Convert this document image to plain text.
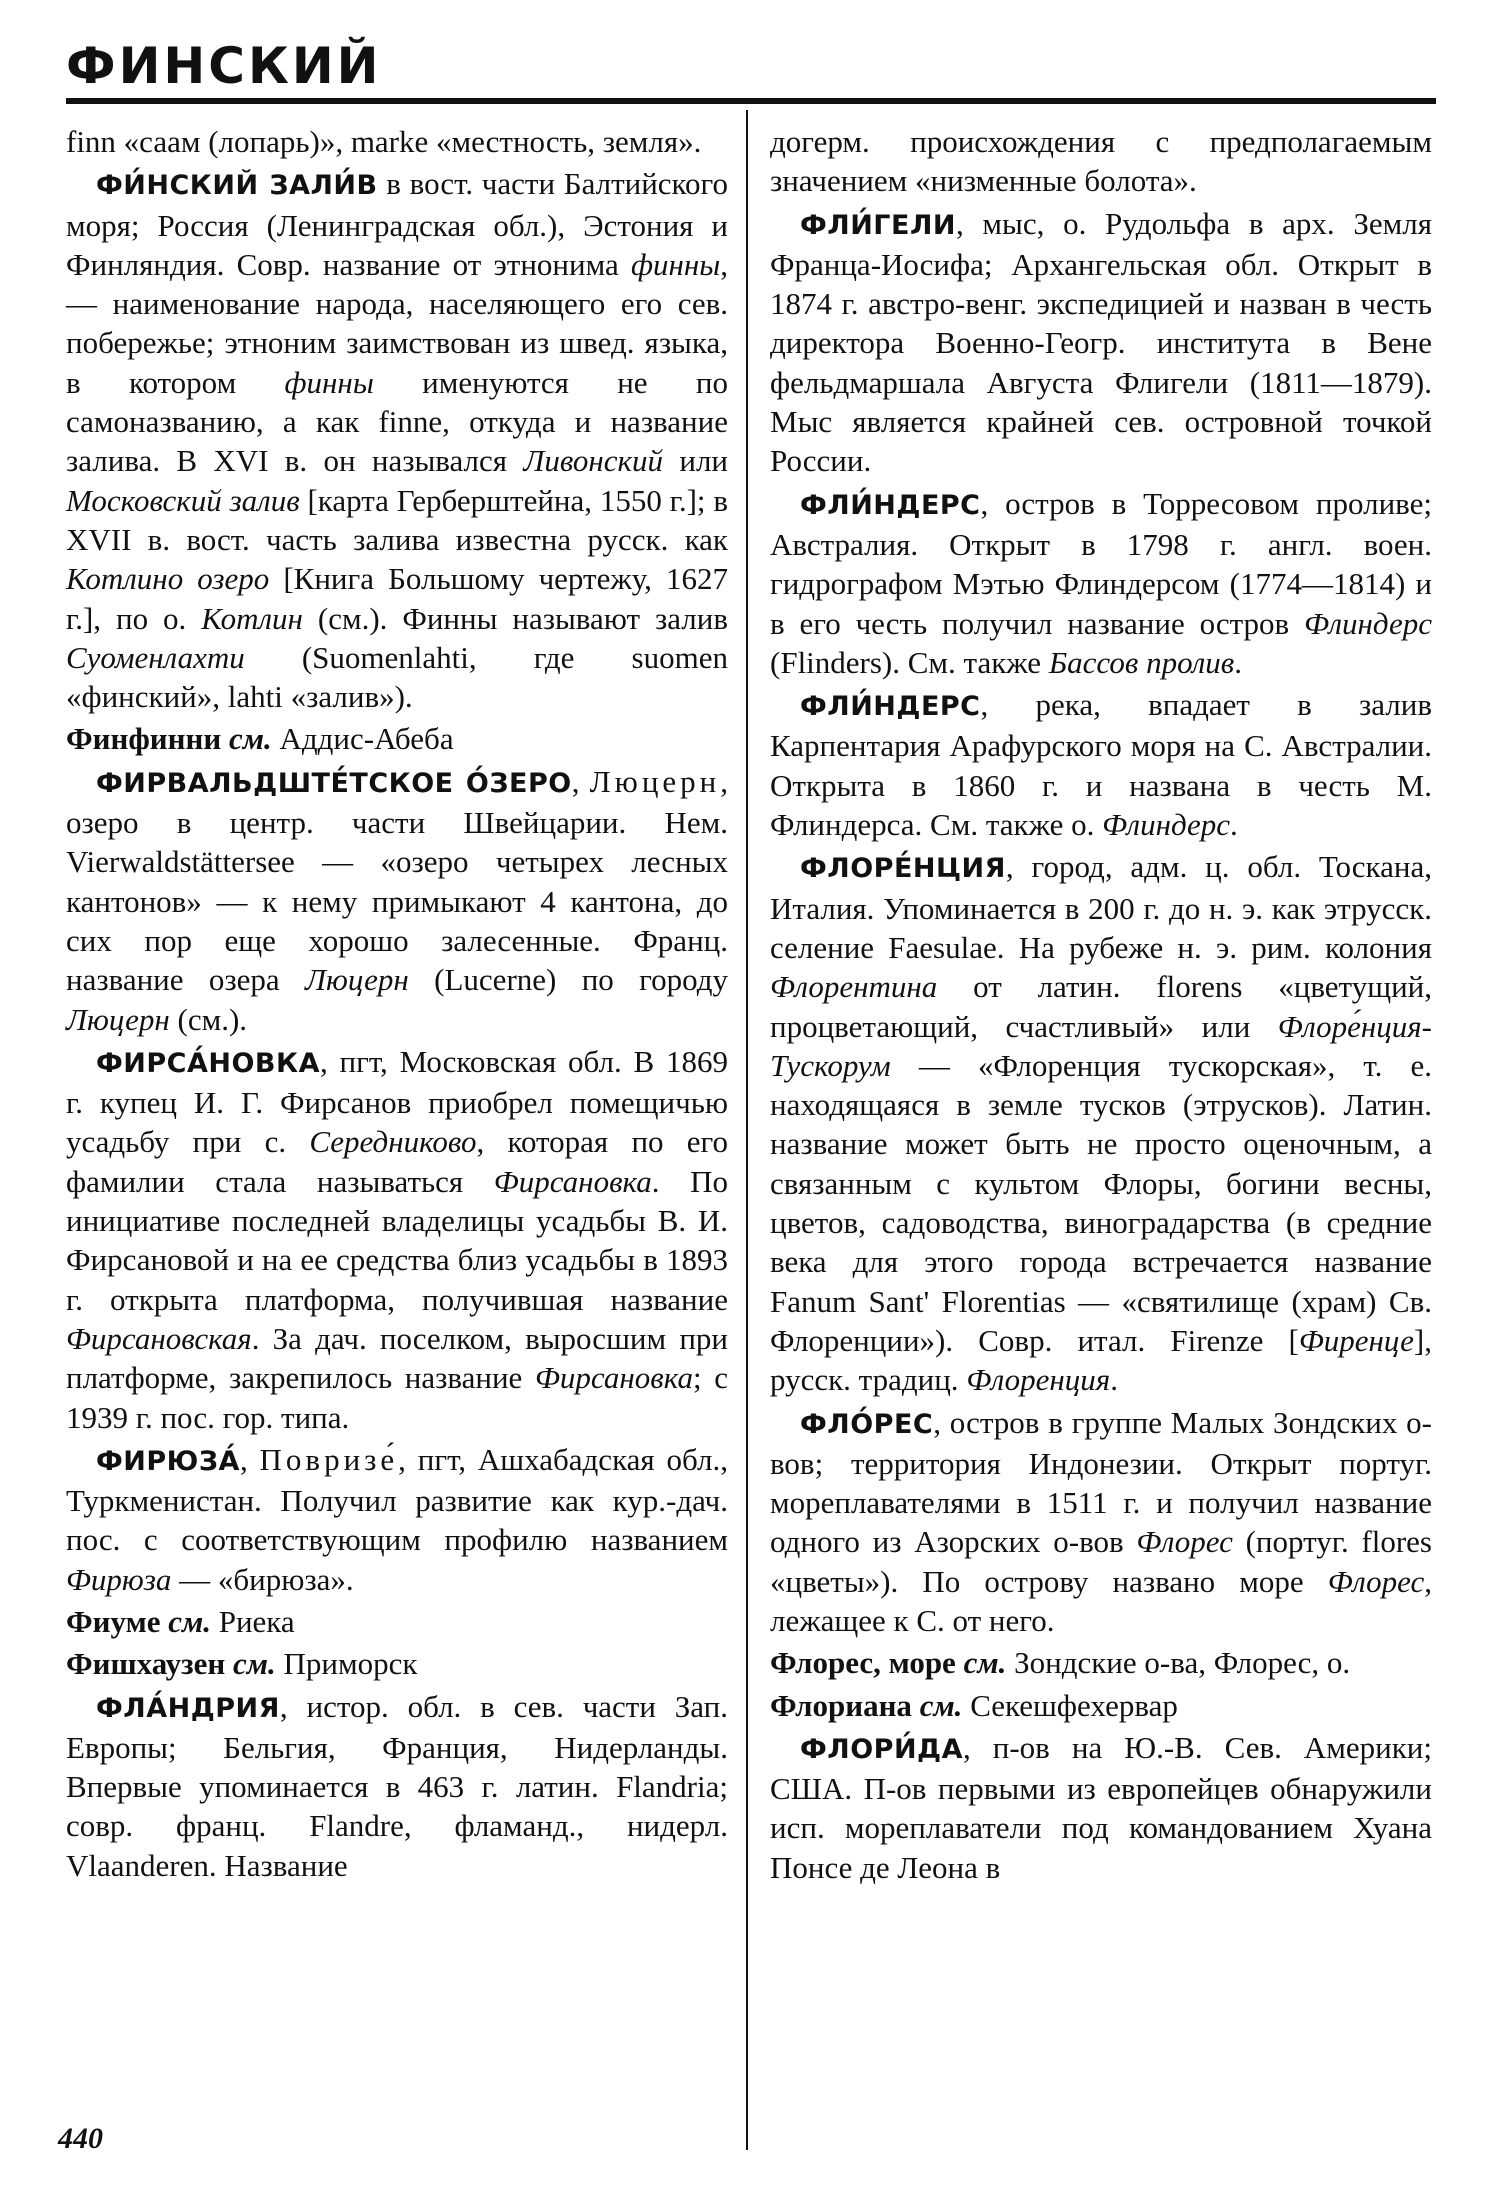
ФИНСКИЙ

finn «саам (лопарь)», marke «местность, земля».

ФИ́НСКИЙ ЗАЛИ́В в вост. части Балтийского моря; Россия (Ленинградская обл.), Эстония и Финляндия. Совр. название от этнонима финны, — наименование народа, населяющего его сев. побережье; этноним заимствован из швед. языка, в котором финны именуются не по самоназванию, а как finne, откуда и название залива. В XVI в. он назывался Ливонский или Московский залив [карта Герберштейна, 1550 г.]; в XVII в. вост. часть залива известна русск. как Котлино озеро [Книга Большому чертежу, 1627 г.], по о. Котлин (см.). Финны называют залив Суоменлахти (Suomenlahti, где suomen «финский», lahti «залив»).

Финфинни см. Аддис-Абеба

ФИРВАЛЬДШТЕ́ТСКОЕ О́ЗЕРО, Люцерн, озеро в центр. части Швейцарии. Нем. Vierwaldstättersee — «озеро четырех лесных кантонов» — к нему примыкают 4 кантона, до сих пор еще хорошо залесенные. Франц. название озера Люцерн (Lucerne) по городу Люцерн (см.).

ФИРСА́НОВКА, пгт, Московская обл. В 1869 г. купец И. Г. Фирсанов приобрел помещичью усадьбу при с. Середниково, которая по его фамилии стала называться Фирсановка. По инициативе последней владелицы усадьбы В. И. Фирсановой и на ее средства близ усадьбы в 1893 г. открыта платформа, получившая название Фирсановская. За дач. поселком, выросшим при платформе, закрепилось название Фирсановка; с 1939 г. пос. гор. типа.

ФИРЮЗА́, Повризе́, пгт, Ашхабадская обл., Туркменистан. Получил развитие как кур.-дач. пос. с соответствующим профилю названием Фирюза — «бирюза».

Фиуме см. Риека

Фишхаузен см. Приморск

ФЛА́НДРИЯ, истор. обл. в сев. части Зап. Европы; Бельгия, Франция, Нидерланды. Впервые упоминается в 463 г. латин. Flandria; совр. франц. Flandre, фламанд., нидерл. Vlaanderen. Название

догерм. происхождения с предполагаемым значением «низменные болота».

ФЛИ́ГЕЛИ, мыс, о. Рудольфа в арх. Земля Франца-Иосифа; Архангельская обл. Открыт в 1874 г. австро-венг. экспедицией и назван в честь директора Военно-Геогр. института в Вене фельдмаршала Августа Флигели (1811—1879). Мыс является крайней сев. островной точкой России.

ФЛИ́НДЕРС, остров в Торресовом проливе; Австралия. Открыт в 1798 г. англ. воен. гидрографом Мэтью Флиндерсом (1774—1814) и в его честь получил название остров Флиндерс (Flinders). См. также Бассов пролив.

ФЛИ́НДЕРС, река, впадает в залив Карпентария Арафурского моря на С. Австралии. Открыта в 1860 г. и названа в честь М. Флиндерса. См. также о. Флиндерс.

ФЛОРЕ́НЦИЯ, город, адм. ц. обл. Тоскана, Италия. Упоминается в 200 г. до н. э. как этрусск. селение Faesulae. На рубеже н. э. рим. колония Флорентина от латин. florens «цветущий, процветающий, счастливый» или Флоре́нция-Тускорум — «Флоренция тускорская», т. е. находящаяся в земле тусков (этрусков). Латин. название может быть не просто оценочным, а связанным с культом Флоры, богини весны, цветов, садоводства, виноградарства (в средние века для этого города встречается название Fanum Sant' Florentias — «святилище (храм) Св. Флоренции»). Совр. итал. Firenze [Фиренце], русск. традиц. Флоренция.

ФЛО́РЕС, остров в группе Малых Зондских о-вов; территория Индонезии. Открыт португ. мореплавателями в 1511 г. и получил название одного из Азорских о-вов Флорес (португ. flores «цветы»). По острову названо море Флорес, лежащее к С. от него.

Флорес, море см. Зондские о-ва, Флорес, о.

Флориана см. Секешфехервар

ФЛОРИ́ДА, п-ов на Ю.-В. Сев. Америки; США. П-ов первыми из европейцев обнаружили исп. мореплаватели под командованием Хуана Понсе де Леона в

440
